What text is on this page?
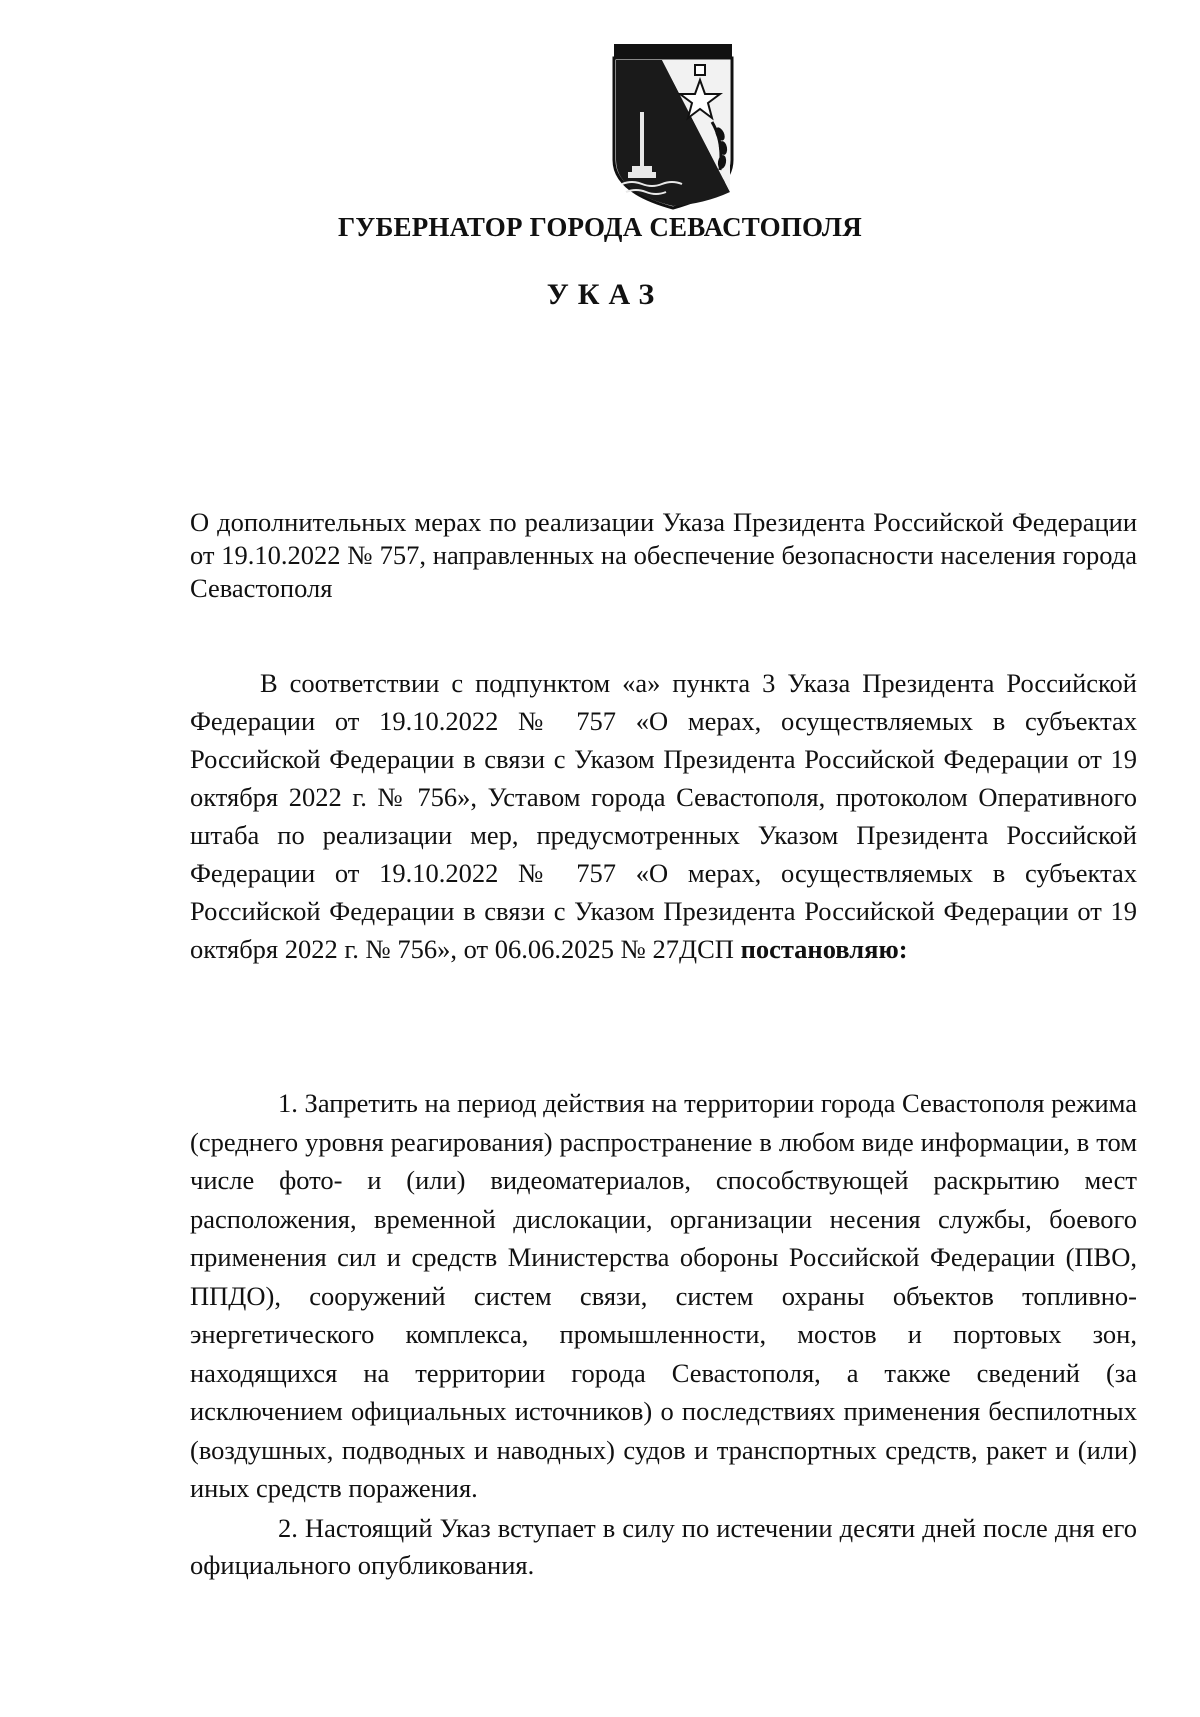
ГУБЕРНАТОР ГОРОДА СЕВАСТОПОЛЯ
УКАЗ
О дополнительных мерах по реализации Указа Президента Российской Федерации от 19.10.2022 № 757, направленных на обеспечение безопасности населения города Севастополя

В соответствии с подпунктом «а» пункта 3 Указа Президента Российской Федерации от 19.10.2022 № 757 «О мерах, осуществляемых в субъектах Российской Федерации в связи с Указом Президента Российской Федерации от 19 октября 2022 г. № 756», Уставом города Севастополя, протоколом Оперативного штаба по реализации мер, предусмотренных Указом Президента Российской Федерации от 19.10.2022 № 757 «О мерах, осуществляемых в субъектах Российской Федерации в связи с Указом Президента Российской Федерации от 19 октября 2022 г. № 756», от 06.06.2025 № 27ДСП постановляю:

1. Запретить на период действия на территории города Севастополя режима (среднего уровня реагирования) распространение в любом виде информации, в том числе фото- и (или) видеоматериалов, способствующей раскрытию мест расположения, временной дислокации, организации несения службы, боевого применения сил и средств Министерства обороны Российской Федерации (ПВО, ППДО), сооружений систем связи, систем охраны объектов топливно-энергетического комплекса, промышленности, мостов и портовых зон, находящихся на территории города Севастополя, а также сведений (за исключением официальных источников) о последствиях применения беспилотных (воздушных, подводных и наводных) судов и транспортных средств, ракет и (или) иных средств поражения.

2. Настоящий Указ вступает в силу по истечении десяти дней после дня его официального опубликования.
